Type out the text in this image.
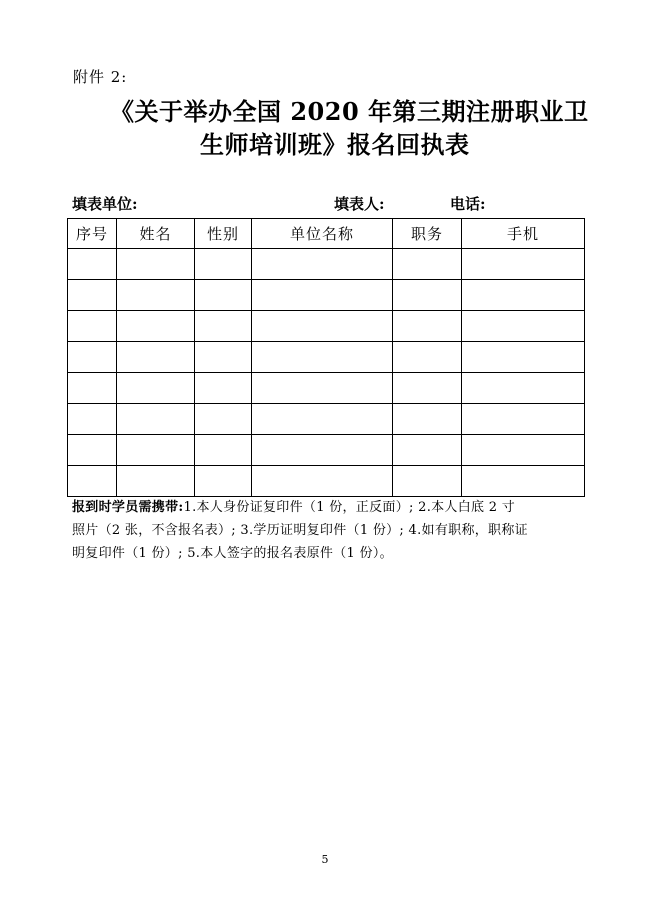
附件 2:
《关于举办全国 2020 年第三期注册职业卫
生师培训班》报名回执表
填表单位:	填表人:	电话:
序号	姓名	性别	单位名称	职务	手机

报到时学员需携带:1.本人身份证复印件（1 份，正反面）; 2.本人白底 2 寸
照片（2 张，不含报名表）; 3.学历证明复印件（1 份）; 4.如有职称，职称证
明复印件（1 份）; 5.本人签字的报名表原件（1 份）。
5
